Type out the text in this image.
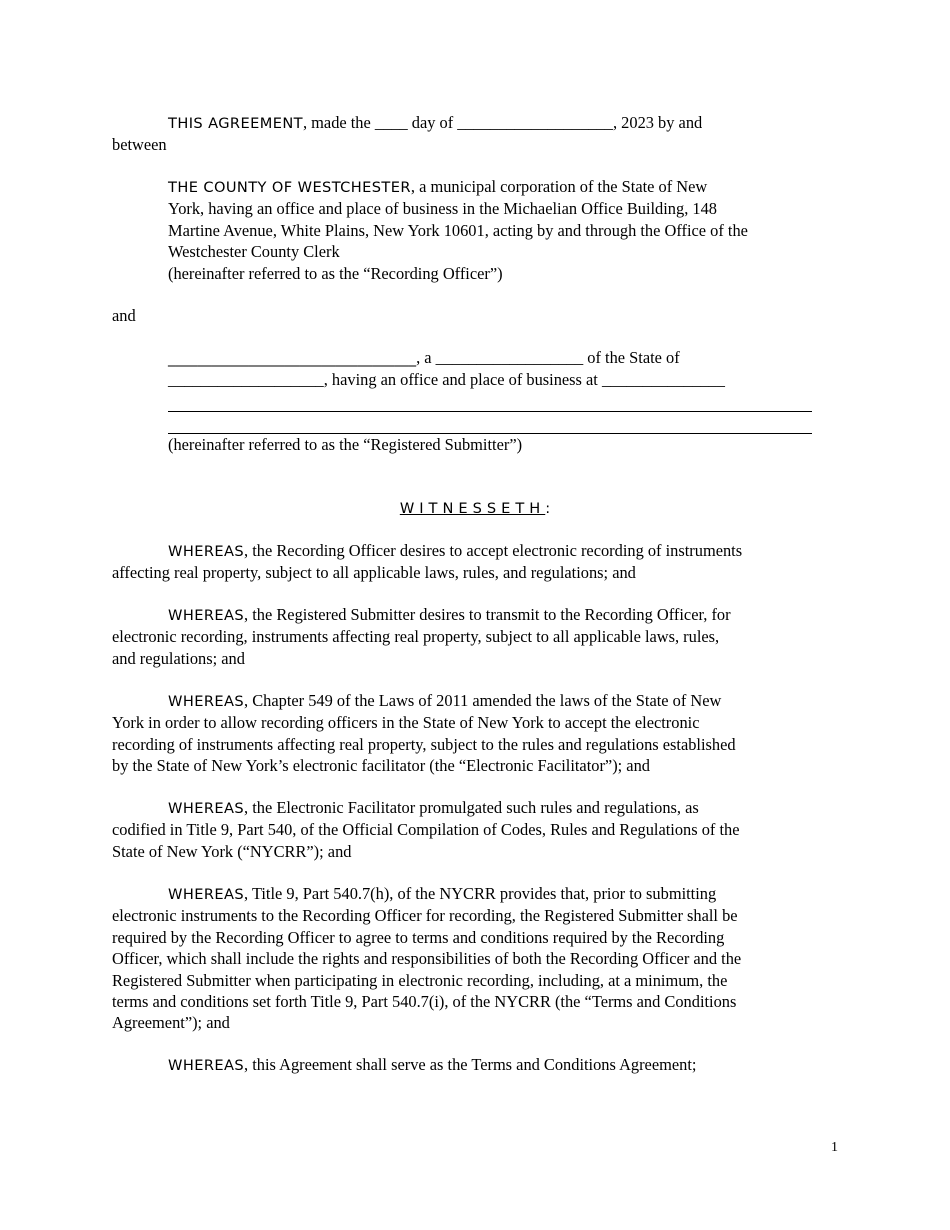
THIS AGREEMENT, made the ____ day of ___________________, 2023 by and
between
THE COUNTY OF WESTCHESTER, a municipal corporation of the State of New
York, having an office and place of business in the Michaelian Office Building, 148
Martine Avenue, White Plains, New York 10601, acting by and through the Office of the
Westchester County Clerk
(hereinafter referred to as the “Recording Officer”)
and
__________________________________, a __________________ of the State of
___________________, having an office and place of business at _______________
(hereinafter referred to as the “Registered Submitter”)
WITNESSETH:
WHEREAS, the Recording Officer desires to accept electronic recording of instruments
affecting real property, subject to all applicable laws, rules, and regulations; and
WHEREAS, the Registered Submitter desires to transmit to the Recording Officer, for
electronic recording, instruments affecting real property, subject to all applicable laws, rules,
and regulations; and
WHEREAS, Chapter 549 of the Laws of 2011 amended the laws of the State of New
York in order to allow recording officers in the State of New York to accept the electronic
recording of instruments affecting real property, subject to the rules and regulations established
by the State of New York’s electronic facilitator (the “Electronic Facilitator”); and
WHEREAS, the Electronic Facilitator promulgated such rules and regulations, as
codified in Title 9, Part 540, of the Official Compilation of Codes, Rules and Regulations of the
State of New York (“NYCRR”); and
WHEREAS, Title 9, Part 540.7(h), of the NYCRR provides that, prior to submitting
electronic instruments to the Recording Officer for recording, the Registered Submitter shall be
required by the Recording Officer to agree to terms and conditions required by the Recording
Officer, which shall include the rights and responsibilities of both the Recording Officer and the
Registered Submitter when participating in electronic recording, including, at a minimum, the
terms and conditions set forth Title 9, Part 540.7(i), of the NYCRR (the “Terms and Conditions
Agreement”); and
WHEREAS, this Agreement shall serve as the Terms and Conditions Agreement;
1
